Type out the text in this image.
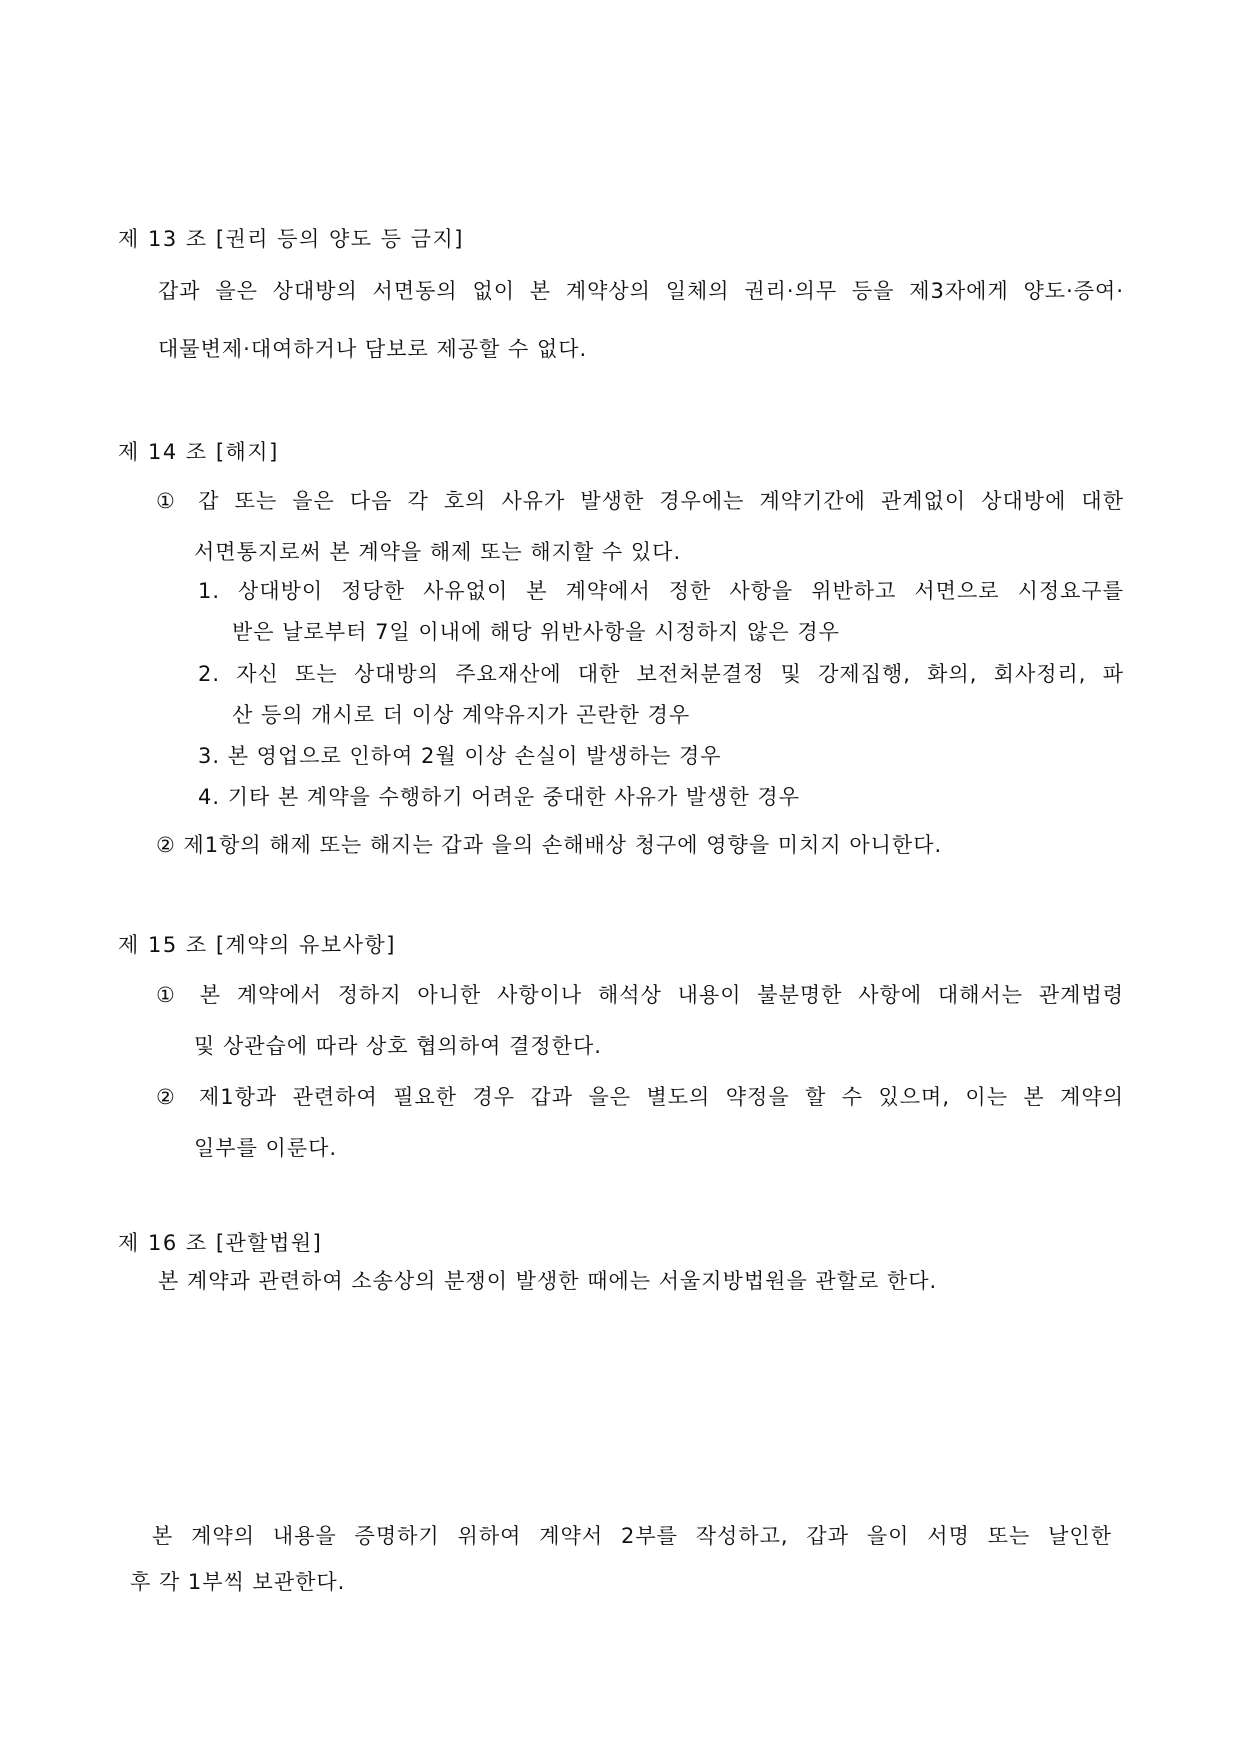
제 13 조 [권리 등의 양도 등 금지]
갑과 을은 상대방의 서면동의 없이 본 계약상의 일체의 권리·의무 등을 제3자에게 양도·증여·
대물변제·대여하거나 담보로 제공할 수 없다.
제 14 조 [해지]
① 갑 또는 을은 다음 각 호의 사유가 발생한 경우에는 계약기간에 관계없이 상대방에 대한
서면통지로써 본 계약을 해제 또는 해지할 수 있다.
1. 상대방이 정당한 사유없이 본 계약에서 정한 사항을 위반하고 서면으로 시정요구를
받은 날로부터 7일 이내에 해당 위반사항을 시정하지 않은 경우
2. 자신 또는 상대방의 주요재산에 대한 보전처분결정 및 강제집행, 화의, 회사정리, 파
산 등의 개시로 더 이상 계약유지가 곤란한 경우
3. 본 영업으로 인하여 2월 이상 손실이 발생하는 경우
4. 기타 본 계약을 수행하기 어려운 중대한 사유가 발생한 경우
② 제1항의 해제 또는 해지는 갑과 을의 손해배상 청구에 영향을 미치지 아니한다.
제 15 조 [계약의 유보사항]
① 본 계약에서 정하지 아니한 사항이나 해석상 내용이 불분명한 사항에 대해서는 관계법령
및 상관습에 따라 상호 협의하여 결정한다.
② 제1항과 관련하여 필요한 경우 갑과 을은 별도의 약정을 할 수 있으며, 이는 본 계약의
일부를 이룬다.
제 16 조 [관할법원]
본 계약과 관련하여 소송상의 분쟁이 발생한 때에는 서울지방법원을 관할로 한다.
본 계약의 내용을 증명하기 위하여 계약서 2부를 작성하고, 갑과 을이 서명 또는 날인한
후 각 1부씩 보관한다.
